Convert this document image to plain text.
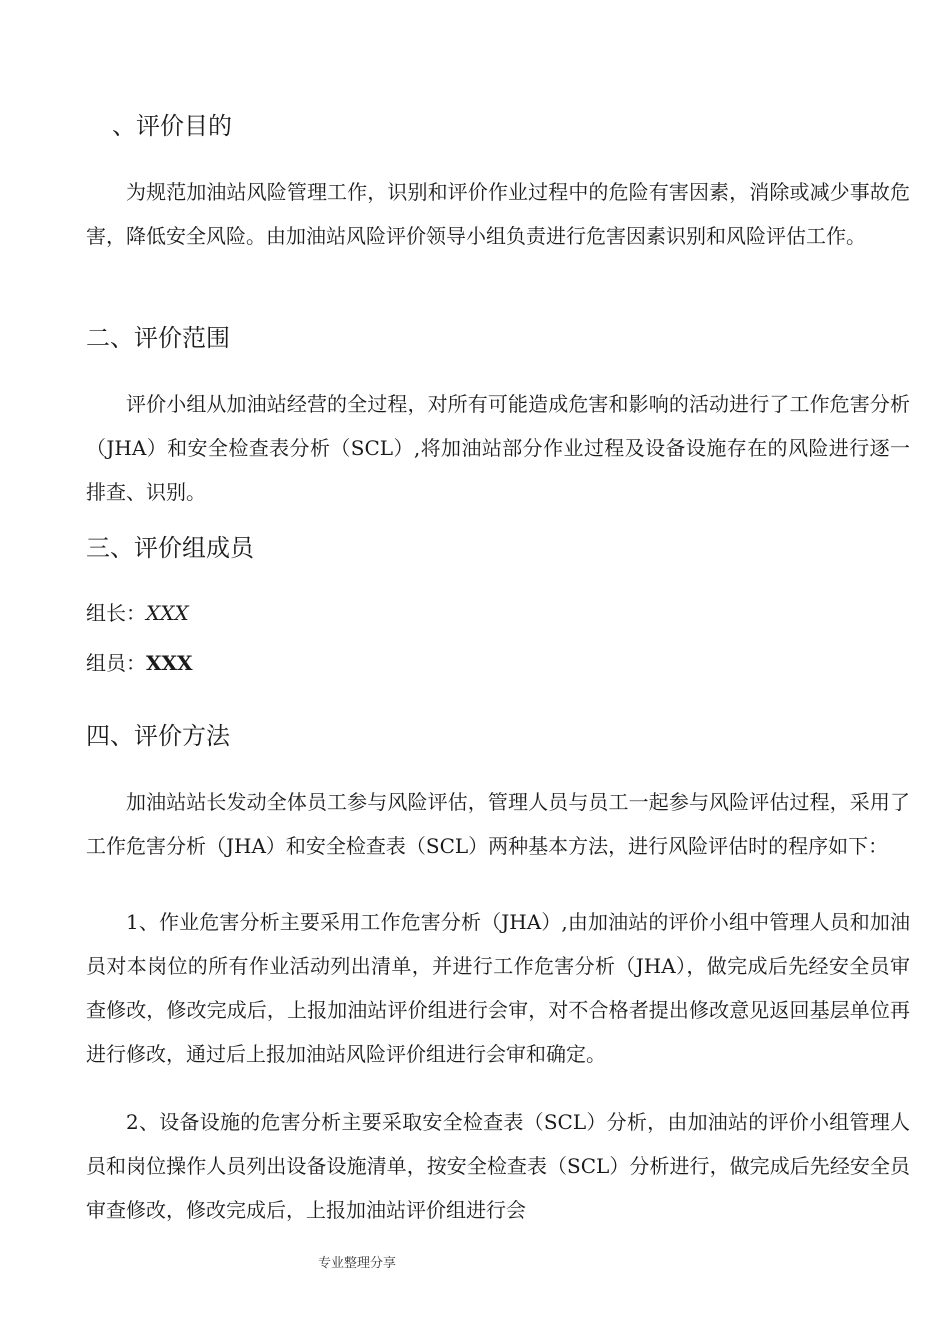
、评价目的
为规范加油站风险管理工作，识别和评价作业过程中的危险有害因素，消除或减少事故危害，降低安全风险。由加油站风险评价领导小组负责进行危害因素识别和风险评估工作。
二、评价范围
评价小组从加油站经营的全过程，对所有可能造成危害和影响的活动进行了工作危害分析（JHA）和安全检查表分析（SCL）,将加油站部分作业过程及设备设施存在的风险进行逐一排查、识别。
三、评价组成员
组长：XXX
组员：XXX
四、评价方法
加油站站长发动全体员工参与风险评估，管理人员与员工一起参与风险评估过程，采用了工作危害分析（JHA）和安全检查表（SCL）两种基本方法，进行风险评估时的程序如下：
1、作业危害分析主要采用工作危害分析（JHA）,由加油站的评价小组中管理人员和加油员对本岗位的所有作业活动列出清单，并进行工作危害分析（JHA），做完成后先经安全员审查修改，修改完成后，上报加油站评价组进行会审，对不合格者提出修改意见返回基层单位再进行修改，通过后上报加油站风险评价组进行会审和确定。
2、设备设施的危害分析主要采取安全检查表（SCL）分析，由加油站的评价小组管理人员和岗位操作人员列出设备设施清单，按安全检查表（SCL）分析进行，做完成后先经安全员审查修改，修改完成后，上报加油站评价组进行会
专业整理分享
